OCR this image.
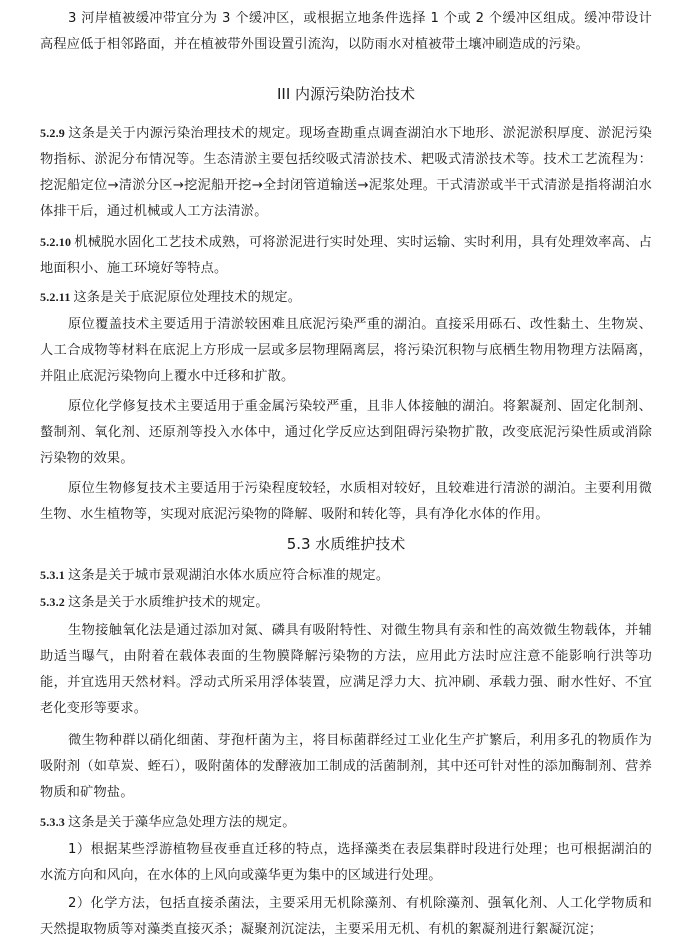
3 河岸植被缓冲带宜分为 3 个缓冲区，或根据立地条件选择 1 个或 2 个缓冲区组成。缓冲带设计高程应低于相邻路面，并在植被带外围设置引流沟，以防雨水对植被带土壤冲刷造成的污染。

III 内源污染防治技术

5.2.9 这条是关于内源污染治理技术的规定。现场查勘重点调查湖泊水下地形、淤泥淤积厚度、淤泥污染物指标、淤泥分布情况等。生态清淤主要包括绞吸式清淤技术、耙吸式清淤技术等。技术工艺流程为：挖泥船定位→清淤分区→挖泥船开挖→全封闭管道输送→泥浆处理。干式清淤或半干式清淤是指将湖泊水体排干后，通过机械或人工方法清淤。

5.2.10 机械脱水固化工艺技术成熟，可将淤泥进行实时处理、实时运输、实时利用，具有处理效率高、占地面积小、施工环境好等特点。

5.2.11 这条是关于底泥原位处理技术的规定。

原位覆盖技术主要适用于清淤较困难且底泥污染严重的湖泊。直接采用砾石、改性黏土、生物炭、人工合成物等材料在底泥上方形成一层或多层物理隔离层，将污染沉积物与底栖生物用物理方法隔离，并阻止底泥污染物向上覆水中迁移和扩散。

原位化学修复技术主要适用于重金属污染较严重，且非人体接触的湖泊。将絮凝剂、固定化制剂、螯制剂、氧化剂、还原剂等投入水体中，通过化学反应达到阻碍污染物扩散，改变底泥污染性质或消除污染物的效果。

原位生物修复技术主要适用于污染程度较轻，水质相对较好，且较难进行清淤的湖泊。主要利用微生物、水生植物等，实现对底泥污染物的降解、吸附和转化等，具有净化水体的作用。

5.3 水质维护技术

5.3.1 这条是关于城市景观湖泊水体水质应符合标准的规定。

5.3.2 这条是关于水质维护技术的规定。

生物接触氧化法是通过添加对氮、磷具有吸附特性、对微生物具有亲和性的高效微生物载体，并辅助适当曝气，由附着在载体表面的生物膜降解污染物的方法，应用此方法时应注意不能影响行洪等功能，并宜选用天然材料。浮动式所采用浮体装置，应满足浮力大、抗冲刷、承载力强、耐水性好、不宜老化变形等要求。

微生物种群以硝化细菌、芽孢杆菌为主，将目标菌群经过工业化生产扩繁后，利用多孔的物质作为吸附剂（如草炭、蛭石），吸附菌体的发酵液加工制成的活菌制剂，其中还可针对性的添加酶制剂、营养物质和矿物盐。

5.3.3 这条是关于藻华应急处理方法的规定。

1）根据某些浮游植物昼夜垂直迁移的特点，选择藻类在表层集群时段进行处理；也可根据湖泊的水流方向和风向，在水体的上风向或藻华更为集中的区域进行处理。

2）化学方法，包括直接杀菌法，主要采用无机除藻剂、有机除藻剂、强氧化剂、人工化学物质和天然提取物质等对藻类直接灭杀；凝聚剂沉淀法，主要采用无机、有机的絮凝剂进行絮凝沉淀；
